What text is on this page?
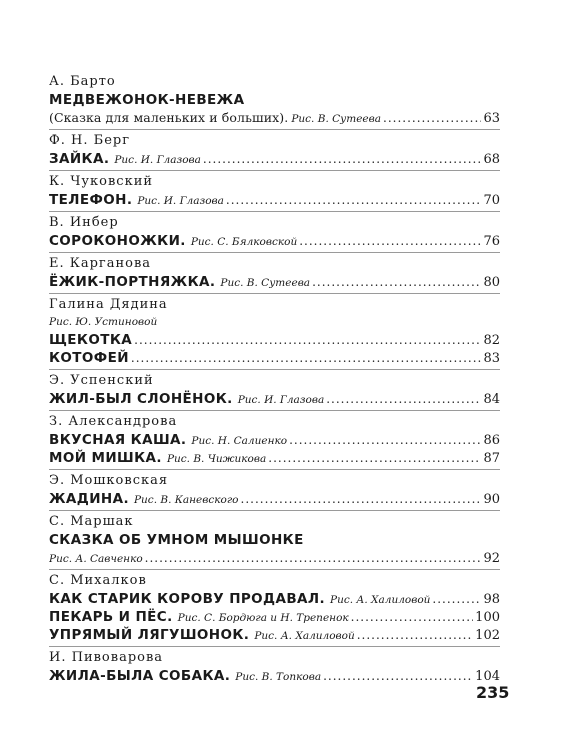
А. Барто
МЕДВЕЖОНОК-НЕВЕЖА
(Сказка для маленьких и больших). Рис. В. Сутеева .....	63
Ф. Н. Берг
ЗАЙКА. Рис. И. Глазова .....	68
К. Чуковский
ТЕЛЕФОН. Рис. И. Глазова .....	70
В. Инбер
СОРОКОНОЖКИ. Рис. С. Бялковской .....	76
Е. Карганова
ЁЖИК-ПОРТНЯЖКА. Рис. В. Сутеева .....	80
Галина Дядина
Рис. Ю. Устиновой
ЩЕКОТКА .....	82
КОТОФЕЙ .....	83
Э. Успенский
ЖИЛ-БЫЛ СЛОНЁНОК. Рис. И. Глазова .....	84
З. Александрова
ВКУСНАЯ КАША. Рис. Н. Салиенко .....	86
МОЙ МИШКА. Рис. В. Чижикова .....	87
Э. Мошковская
ЖАДИНА. Рис. В. Каневского .....	90
С. Маршак
СКАЗКА ОБ УМНОМ МЫШОНКЕ
Рис. А. Савченко .....	92
С. Михалков
КАК СТАРИК КОРОВУ ПРОДАВАЛ. Рис. А. Халиловой .....	98
ПЕКАРЬ И ПЁС. Рис. С. Бордюга и Н. Трепенок .....	100
УПРЯМЫЙ ЛЯГУШОНОК. Рис. А. Халиловой .....	102
И. Пивоварова
ЖИЛА-БЫЛА СОБАКА. Рис. В. Топкова .....	104
235
